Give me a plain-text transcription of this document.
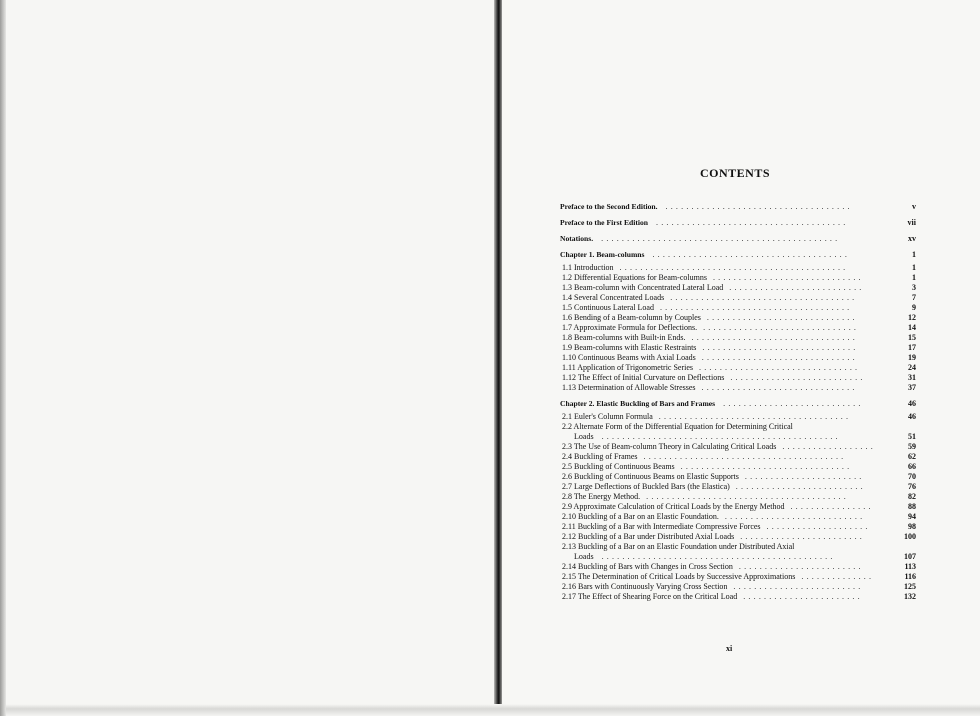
CONTENTS
Preface to the Second Edition.	v
....................................
Preface to the First Edition	vii
.....................................
Notations.	xv
..............................................
Chapter 1. Beam-columns	1
......................................
1.1 Introduction	1
............................................
1.2 Differential Equations for Beam-columns	1
.............................
1.3 Beam-column with Concentrated Lateral Load	3
..........................
1.4 Several Concentrated Loads	7
....................................
1.5 Continuous Lateral Load	9
.....................................
1.6 Bending of a Beam-column by Couples	12
.............................
1.7 Approximate Formula for Deflections.	14
..............................
1.8 Beam-columns with Built-in Ends.	15
................................
1.9 Beam-columns with Elastic Restraints	17
..............................
1.10 Continuous Beams with Axial Loads	19
..............................
1.11 Application of Trigonometric Series	24
...............................
1.12 The Effect of Initial Curvature on Deflections	31
..........................
1.13 Determination of Allowable Stresses	37
..............................
Chapter 2. Elastic Buckling of Bars and Frames	46
...........................
2.1 Euler's Column Formula	46
.....................................
2.2 Alternate Form of the Differential Equation for Determining Critical
Loads	51
..............................................
2.3 The Use of Beam-column Theory in Calculating Critical Loads	59
..................
2.4 Buckling of Frames	62
.......................................
2.5 Buckling of Continuous Beams	66
.................................
2.6 Buckling of Continuous Beams on Elastic Supports	70
.......................
2.7 Large Deflections of Buckled Bars (the Elastica)	76
.........................
2.8 The Energy Method.	82
.......................................
2.9 Approximate Calculation of Critical Loads by the Energy Method	88
................
2.10 Buckling of a Bar on an Elastic Foundation.	94
...........................
2.11 Buckling of a Bar with Intermediate Compressive Forces	98
....................
2.12 Buckling of a Bar under Distributed Axial Loads	100
........................
2.13 Buckling of a Bar on an Elastic Foundation under Distributed Axial
Loads	107
.............................................
2.14 Buckling of Bars with Changes in Cross Section	113
........................
2.15 The Determination of Critical Loads by Successive Approximations	116
..............
2.16 Bars with Continuously Varying Cross Section	125
.........................
2.17 The Effect of Shearing Force on the Critical Load	132
.......................
xi
